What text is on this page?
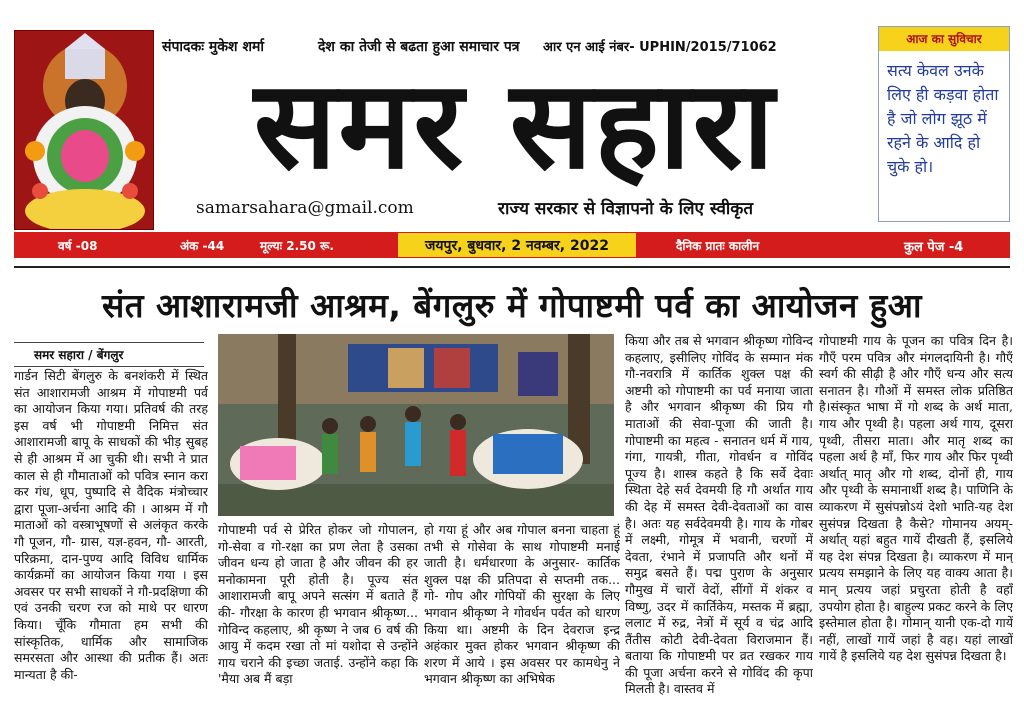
संपादकः मुकेश शर्मा	देश का तेजी से बढता हुआ समाचार पत्र आर एन आई नंबर- UPHIN/2015/71062
समर सहारा
samarsahara@gmail.com	राज्य सरकार से विज्ञापनो के लिए स्वीकृत
आज का सुविचार
सत्य केवल उनके लिए ही कड़वा होता है जो लोग झूठ में रहने के आदि हो चुके हो।
वर्ष -08	अंक -44	मूल्यः 2.50 रू.	जयपुर, बुधवार, 2 नवम्बर, 2022	दैनिक प्रातः कालीन	कुल पेज -4
संत आशारामजी आश्रम, बेंगलुरु में गोपाष्टमी पर्व का आयोजन हुआ
समर सहारा / बेंगलुर
गार्डन सिटी बेंगलुरु के बनशंकरी में स्थित संत आशारामजी आश्रम में गोपाष्टमी पर्व का आयोजन किया गया। प्रतिवर्ष की तरह इस वर्ष भी गोपाष्टमी निमित्त संत आशारामजी बापू के साधकों की भीड़ सुबह से ही आश्रम में आ चुकी थी। सभी ने प्रात काल से ही गौमाताओं को पवित्र स्नान करा कर गंध, धूप, पुष्पादि से वैदिक मंत्रोच्चार द्वारा पूजा-अर्चना आदि की । आश्रम में गौ माताओं को वस्त्राभूषणों से अलंकृत करके गौ पूजन, गौ- ग्रास, यज्ञ-हवन, गौ- आरती, परिक्रमा, दान-पुण्य आदि विविध धार्मिक कार्यक्रमों का आयोजन किया गया । इस अवसर पर सभी साधकों ने गौ-प्रदक्षिणा की एवं उनकी चरण रज को माथे पर धारण किया। चूँकि गौमाता हम सभी की सांस्कृतिक, धार्मिक और सामाजिक समरसता और आस्था की प्रतीक हैं। अतः मान्यता है की-
गोपाष्टमी पर्व से प्रेरित होकर जो गोपालन, गो-सेवा व गो-रक्षा का प्रण लेता है उसका जीवन धन्य हो जाता है और जीवन की हर मनोकामना पूरी होती है। पूज्य संत आशारामजी बापू अपने सत्संग में बताते हैं की- गौरक्षा के कारण ही भगवान श्रीकृष्ण... गोविन्द कहलाए, श्री कृष्ण ने जब 6 वर्ष की आयु में कदम रखा तो मां यशोदा से उन्होंने गाय चराने की इच्छा जताई. उन्होंने कहा कि 'मैया अब मैं बड़ा
हो गया हूं और अब गोपाल बनना चाहता हूं तभी से गोसेवा के साथ गोपाष्टमी मनाई जाती है। धर्मधारणा के अनुसार- कार्तिक शुक्ल पक्ष की प्रतिपदा से सप्तमी तक... गो- गोप और गोपियों की सुरक्षा के लिए भगवान श्रीकृष्ण ने गोवर्धन पर्वत को धारण किया था। अष्टमी के दिन देवराज इन्द्र अहंकार मुक्त होकर भगवान श्रीकृष्ण की शरण में आये । इस अवसर पर कामधेनु ने भगवान श्रीकृष्ण का अभिषेक
किया और तब से भगवान श्रीकृष्ण गोविन्द कहलाए, इसीलिए गोविंद के सम्मान मंक गौ-नवरात्रि में कार्तिक शुक्ल पक्ष की अष्टमी को गोपाष्टमी का पर्व मनाया जाता है और भगवान श्रीकृष्ण की प्रिय गौ माताओं की सेवा-पूजा की जाती है। गोपाष्टमी का महत्व - सनातन धर्म में गाय, गंगा, गायत्री, गीता, गोवर्धन व गोविंद पूज्य है। शास्त्र कहते है कि सर्वे देवाः स्थिता देहे सर्व देवमयी हि गौ अर्थात गाय की देह में समस्त देवी-देवताओं का वास है। अतः यह सर्वदेवमयी है। गाय के गोबर में लक्ष्मी, गोमूत्र में भवानी, चरणों में देवता, रंभाने में प्रजापति और थनों में समुद्र बसते हैं। पद्म पुराण के अनुसार गौमुख में चारों वेदों, सींगों में शंकर व विष्णु, उदर में कार्तिकेय, मस्तक में ब्रह्मा, ललाट में रुद्र, नेत्रों में सूर्य व चंद्र आदि तैंतीस कोटी देवी-देवता विराजमान हैं। बताया कि गोपाष्टमी पर व्रत रखकर गाय की पूजा अर्चना करने से गोविंद की कृपा मिलती है। वास्तव में
गोपाष्टमी गाय के पूजन का पवित्र दिन है।गौएँ परम पवित्र और मंगलदायिनी है। गौएँ स्वर्ग की सीढ़ी है और गौएँ धन्य और सत्य सनातन है। गौओं में समस्त लोक प्रतिष्ठित है।संस्कृत भाषा में गो शब्द के अर्थ माता, गाय और पृथ्वी है। पहला अर्थ गाय, दूसरा पृथ्वी, तीसरा माता। और मातृ शब्द का पहला अर्थ है माँ, फिर गाय और फिर पृथ्वी अर्थात् मातृ और गो शब्द, दोनों ही, गाय और पृथ्वी के समानार्थी शब्द है। पाणिनि के व्याकरण में सुसंपन्नोऽयं देशो भाति-यह देश सुसंपन्न दिखता है कैसे? गोमानय अयम्- अर्थात् यहां बहुत गायें दीखती हैं, इसलिये यह देश संपन्न दिखता है। व्याकरण में मान् प्रत्यय समझाने के लिए यह वाक्य आता है। मान् प्रत्यय जहां प्रचुरता होती है वहाँ उपयोग होता है। बाहुल्य प्रकट करने के लिए इस्तेमाल होता है। गोमान् यानी एक-दो गायें नहीं, लाखों गायें जहां है वह। यहां लाखों गायें है इसलिये यह देश सुसंपन्न दिखता है।
